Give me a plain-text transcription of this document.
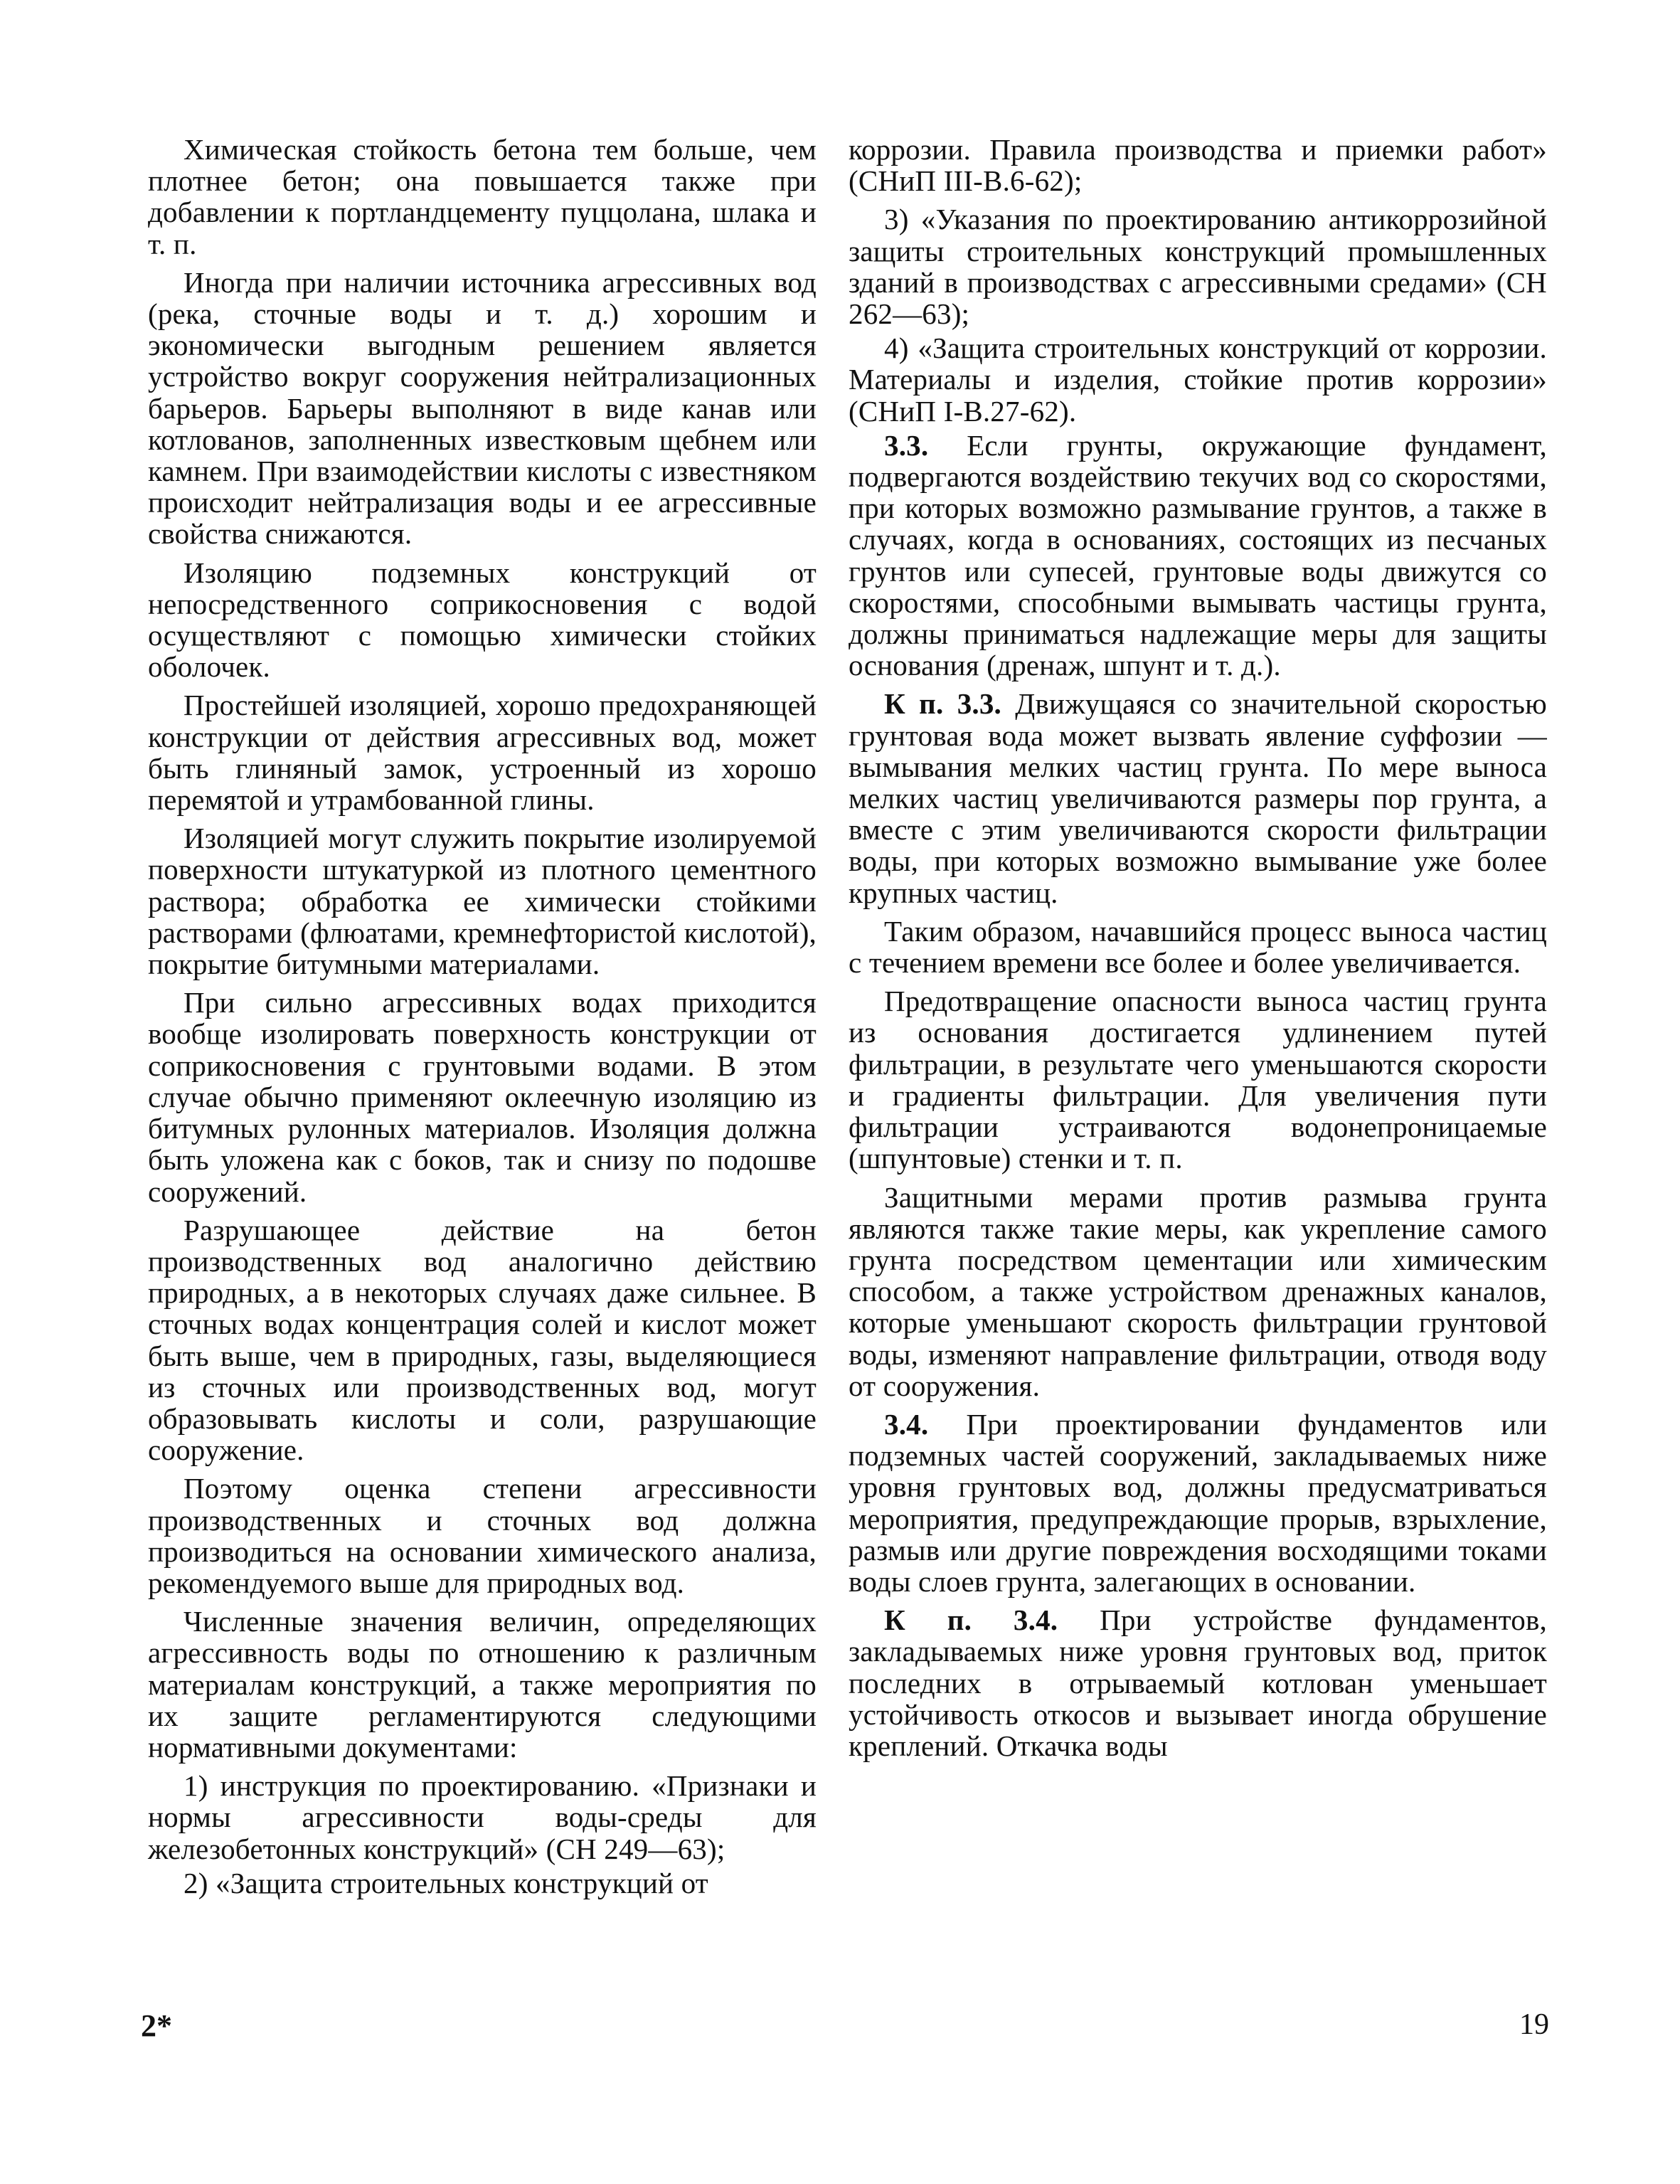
Химическая стойкость бетона тем больше, чем плотнее бетон; она повышается также при добавлении к портландцементу пуццолана, шлака и т. п.

Иногда при наличии источника агрессивных вод (река, сточные воды и т. д.) хорошим и экономически выгодным решением является устройство вокруг сооружения нейтрализационных барьеров. Барьеры выполняют в виде канав или котлованов, заполненных известковым щебнем или камнем. При взаимодействии кислоты с известняком происходит нейтрализация воды и ее агрессивные свойства снижаются.

Изоляцию подземных конструкций от непосредственного соприкосновения с водой осуществляют с помощью химически стойких оболочек.

Простейшей изоляцией, хорошо предохраняющей конструкции от действия агрессивных вод, может быть глиняный замок, устроенный из хорошо перемятой и утрамбованной глины.

Изоляцией могут служить покрытие изолируемой поверхности штукатуркой из плотного цементного раствора; обработка ее химически стойкими растворами (флюатами, кремнефтористой кислотой), покрытие битумными материалами.

При сильно агрессивных водах приходится вообще изолировать поверхность конструкции от соприкосновения с грунтовыми водами. В этом случае обычно применяют оклеечную изоляцию из битумных рулонных материалов. Изоляция должна быть уложена как с боков, так и снизу по подошве сооружений.

Разрушающее действие на бетон производственных вод аналогично действию природных, а в некоторых случаях даже сильнее. В сточных водах концентрация солей и кислот может быть выше, чем в природных, газы, выделяющиеся из сточных или производственных вод, могут образовывать кислоты и соли, разрушающие сооружение.

Поэтому оценка степени агрессивности производственных и сточных вод должна производиться на основании химического анализа, рекомендуемого выше для природных вод.

Численные значения величин, определяющих агрессивность воды по отношению к различным материалам конструкций, а также мероприятия по их защите регламентируются следующими нормативными документами:

1) инструкция по проектированию. «Признаки и нормы агрессивности воды-среды для железобетонных конструкций» (СН 249—63);

2) «Защита строительных конструкций от

коррозии. Правила производства и приемки работ» (СНиП III-В.6-62);

3) «Указания по проектированию антикоррозийной защиты строительных конструкций промышленных зданий в производствах с агрессивными средами» (СН 262—63);

4) «Защита строительных конструкций от коррозии. Материалы и изделия, стойкие против коррозии» (СНиП I-В.27-62).

3.3. Если грунты, окружающие фундамент, подвергаются воздействию текучих вод со скоростями, при которых возможно размывание грунтов, а также в случаях, когда в основаниях, состоящих из песчаных грунтов или супесей, грунтовые воды движутся со скоростями, способными вымывать частицы грунта, должны приниматься надлежащие меры для защиты основания (дренаж, шпунт и т. д.).

К п. 3.3. Движущаяся со значительной скоростью грунтовая вода может вызвать явление суффозии — вымывания мелких частиц грунта. По мере выноса мелких частиц увеличиваются размеры пор грунта, а вместе с этим увеличиваются скорости фильтрации воды, при которых возможно вымывание уже более крупных частиц.

Таким образом, начавшийся процесс выноса частиц с течением времени все более и более увеличивается.

Предотвращение опасности выноса частиц грунта из основания достигается удлинением путей фильтрации, в результате чего уменьшаются скорости и градиенты фильтрации. Для увеличения пути фильтрации устраиваются водонепроницаемые (шпунтовые) стенки и т. п.

Защитными мерами против размыва грунта являются также такие меры, как укрепление самого грунта посредством цементации или химическим способом, а также устройством дренажных каналов, которые уменьшают скорость фильтрации грунтовой воды, изменяют направление фильтрации, отводя воду от сооружения.

3.4. При проектировании фундаментов или подземных частей сооружений, закладываемых ниже уровня грунтовых вод, должны предусматриваться мероприятия, предупреждающие прорыв, взрыхление, размыв или другие повреждения восходящими токами воды слоев грунта, залегающих в основании.

К п. 3.4. При устройстве фундаментов, закладываемых ниже уровня грунтовых вод, приток последних в отрываемый котлован уменьшает устойчивость откосов и вызывает иногда обрушение креплений. Откачка воды

2*	19
